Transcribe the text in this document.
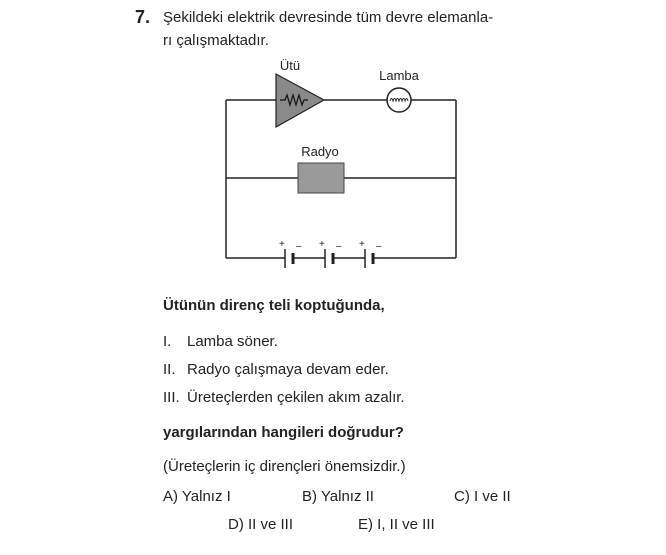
7. Şekildeki elektrik devresinde tüm devre elemanla-
rı çalışmaktadır.
Ütü
Lamba
Radyo
+ – + – + –
Ütünün direnç teli koptuğunda,
I. Lamba söner.
II. Radyo çalışmaya devam eder.
III. Üreteçlerden çekilen akım azalır.
yargılarından hangileri doğrudur?
(Üreteçlerin iç dirençleri önemsizdir.)
A) Yalnız I	B) Yalnız II	C) I ve II
D) II ve III	E) I, II ve III
